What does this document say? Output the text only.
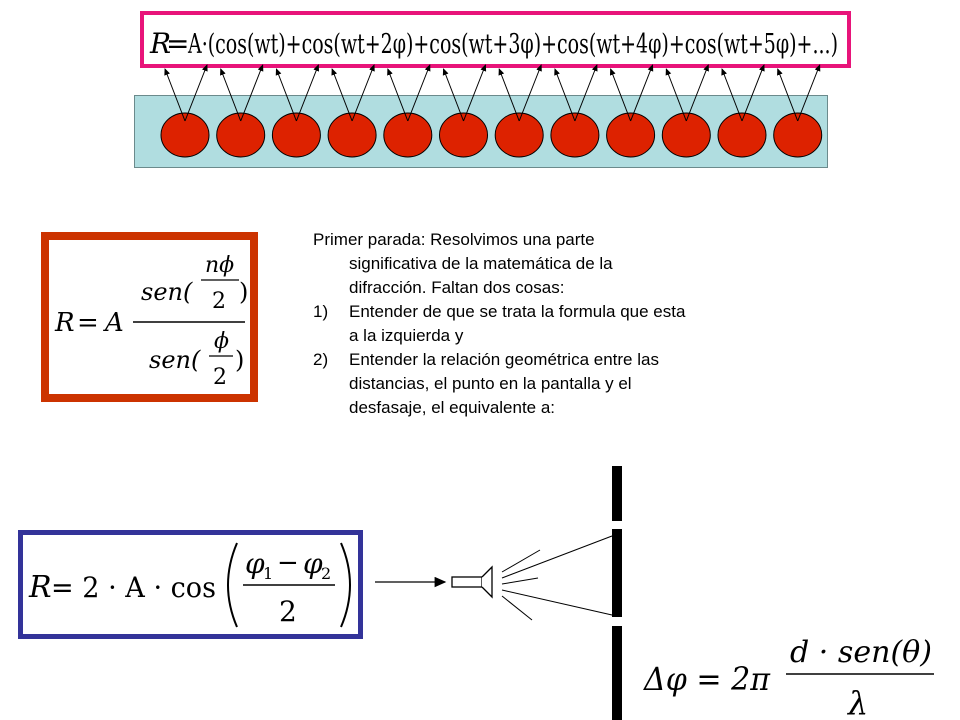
R
=
A·(cos(wt)+cos(wt+2φ)+cos(wt+3φ)+cos(wt+4φ)+cos(wt+5φ)+...)
R = A
sen(
nϕ
2 )
sen(
ϕ
2
)
Primer parada: Resolvimos una parte
significativa de la matemática de la
difracción. Faltan dos cosas:
1) Entender de que se trata la formula que esta
a la izquierda y
2) Entender la relación geométrica entre las
distancias, el punto en la pantalla y el
desfasaje, el equivalente a:
R = 2 · A · cos
φ
1 − φ
2
2
Δφ = 2π
d · sen(θ)
λ
